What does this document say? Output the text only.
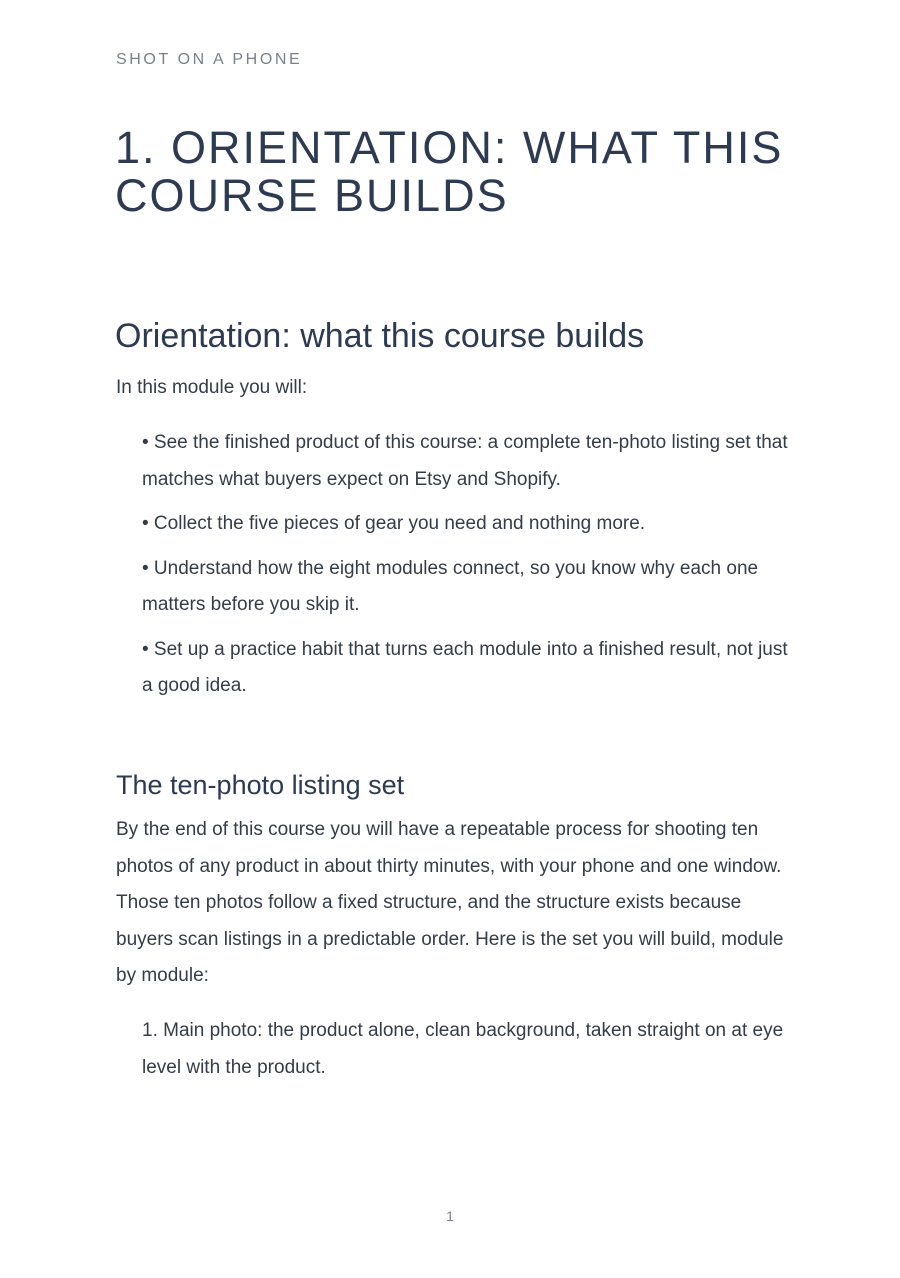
SHOT ON A PHONE
1. ORIENTATION: WHAT THIS COURSE BUILDS
Orientation: what this course builds

In this module you will:

• See the finished product of this course: a complete ten-photo listing set that matches what buyers expect on Etsy and Shopify.
• Collect the five pieces of gear you need and nothing more.
• Understand how the eight modules connect, so you know why each one matters before you skip it.
• Set up a practice habit that turns each module into a finished result, not just a good idea.
The ten-photo listing set

By the end of this course you will have a repeatable process for shooting ten photos of any product in about thirty minutes, with your phone and one window. Those ten photos follow a fixed structure, and the structure exists because buyers scan listings in a predictable order. Here is the set you will build, module by module:

1. Main photo: the product alone, clean background, taken straight on at eye level with the product.
1
